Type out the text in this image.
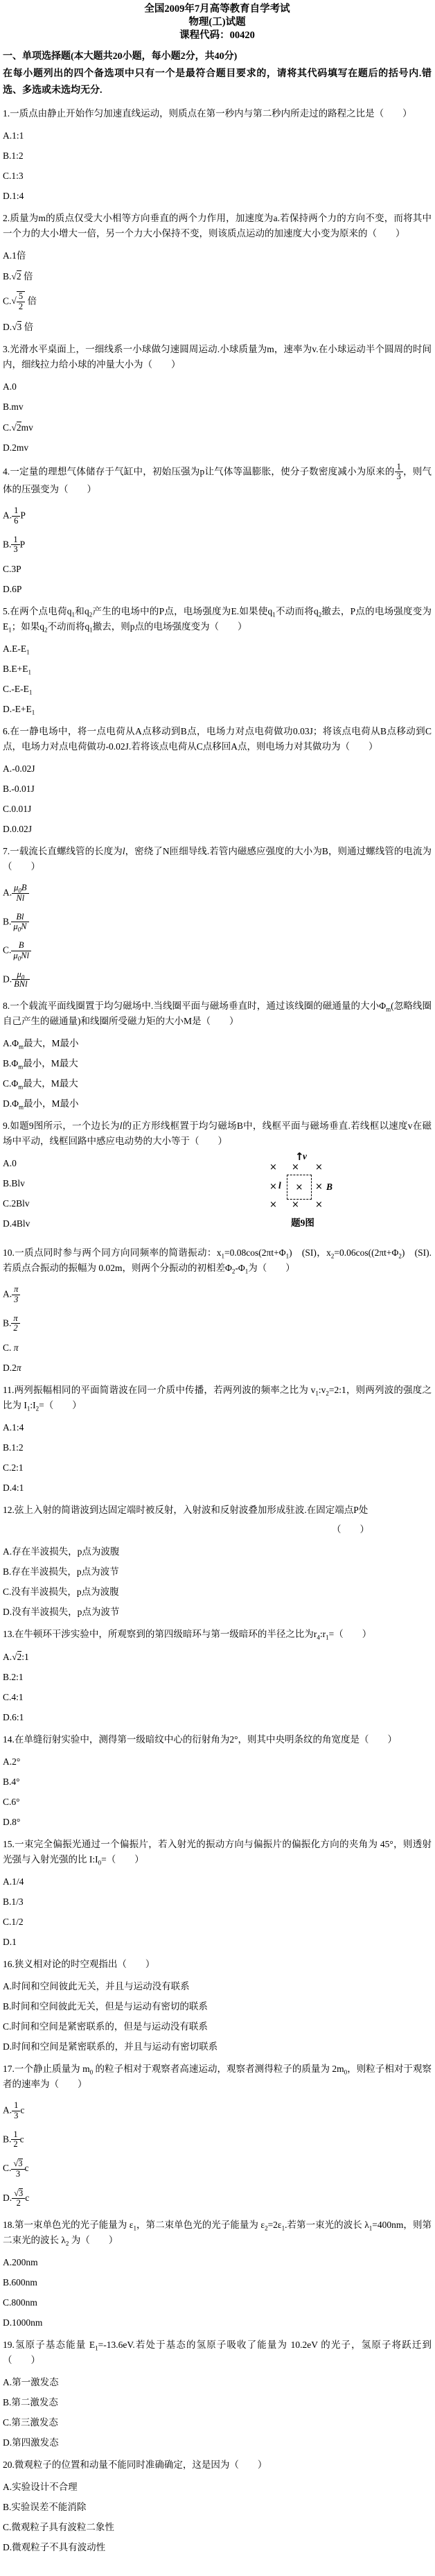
全国2009年7月高等教育自学考试
物理(工)试题
课程代码：00420
一、单项选择题(本大题共20小题，每小题2分，共40分)
在每小题列出的四个备选项中只有一个是最符合题目要求的，请将其代码填写在题后的括号内.错选、多选或未选均无分.
1.一质点由静止开始作匀加速直线运动，则质点在第一秒内与第二秒内所走过的路程之比是（　　）
A.1:1
B.1:2
C.1:3
D.1:4
2.质量为m的质点仅受大小相等方向垂直的两个力作用，加速度为a.若保持两个力的方向不变，而将其中一个力的大小增大一倍，另一个力大小保持不变，则该质点运动的加速度大小变为原来的（　　）
A.1倍
B.√2 倍
$C.√ \frac{5}{2}$ 倍
D.√3 倍
3.光滑水平桌面上，一细线系一小球做匀速圆周运动.小球质量为m，速率为v.在小球运动半个圆周的时间内，细线拉力给小球的冲量大小为（　　）
A.0
B.mv
C.√2mv
D.2mv
4.一定量的理想气体储存于气缸中，初始压强为p让气体等温膨胀，使分子数密度减小为原来的 $\frac{1}{3}$ ，则气体的压强变为（　　）
A. $\frac{1}{6}$ P
B. $\frac{1}{3}$ P
C.3P
D.6P
5.在两个点电荷$q_1$和$q_2$产生的电场中的P点，电场强度为E.如果使$q_1$不动而将$q_2$撤去，P点的电场强度变为$E_1$；如果$q_2$不动而将$q_1$撤去，则p点的电场强度变为（　　）
$A.E-E_1$
$B.E+E_1$
$C.-E-E_1$
$D.-E+E_1$
6.在一静电场中，将一点电荷从A点移动到B点，电场力对点电荷做功0.03J；将该点电荷从B点移动到C点，电场力对点电荷做功-0.02J.若将该点电荷从C点移回A点，则电场力对其做功为（　　）
A.-0.02J
B.-0.01J
C.0.01J
D.0.02J
7.一载流长直螺线管的长度为l，密绕了N匝细导线.若管内磁感应强度的大小为B，则通过螺线管的电流为（　　）
A. $\frac{\mu_0B}{Nl}$
B. $\frac{Bl}{\mu_0N}$
C. $\frac{B}{\mu_0Nl}$
D. $\mu_0$
BNl
8.一个载流平面线圈置于均匀磁场中.当线圈平面与磁场垂直时，通过该线圈的磁通量的大小$\Phi_m$(忽略线圈自己产生的磁通量)和线圈所受磁力矩的大小M是（　　）
$A.\Phi_m$最大，M最小
$B.\Phi_m$最小，M最大
$C.\Phi_m$最大，M最大
$D.\Phi_m$最小，M最小
9.如题9图所示，一个边长为l的正方形线框置于均匀磁场B中，线框平面与磁场垂直.若线框以速度v在磁场中平动，线框回路中感应电动势的大小等于（　　）
× × ×
×	×
× × ×
×
↑
v
l	B
题9图
A.0
B.Blv
C.2Blv
D.4Blv
10.一质点同时参与两个同方向同频率的简谐振动：$x_1=0.08\cos(2\pi t+\Phi_1)$　(SI)，$x_2=0.06\cos((2\pi t+\Phi_2)$　(SI).若质点合振动的振幅为 0.02m，则两个分振动的初相差$\Phi_2-\Phi_1$为（　　）
A. $\frac{\pi}{3}$
B. $\frac{\pi}{2}$
C. π
D.2π
11.两列振幅相同的平面简谐波在同一介质中传播，若两列波的频率之比为 $v_1:v_2=2:1$，则两列波的强度之比为 $I_1:I_2=$（　　）
A.1:4
B.1:2
C.2:1
D.4:1
12.弦上入射的简谐波到达固定端时被反射，入射波和反射波叠加形成驻波.在固定端点P处
（　　）
A.存在半波损失，p点为波腹
B.存在半波损失，p点为波节
C.没有半波损失，p点为波腹
D.没有半波损失，p点为波节
13.在牛顿环干涉实验中，所观察到的第四级暗环与第一级暗环的半径之比为$r_4:r_1=$（　　）
A.√2:1
B.2:1
C.4:1
D.6:1
14.在单缝衍射实验中，测得第一级暗纹中心的衍射角为2°，则其中央明条纹的角宽度是（　　）
A.2°
B.4°
C.6°
D.8°
15.一束完全偏振光通过一个偏振片，若入射光的振动方向与偏振片的偏振化方向的夹角为 45°，则透射光强与入射光强的比 $I:I_0=$（　　）
A.1/4
B.1/3
C.1/2
D.1
16.狭义相对论的时空观指出（　　）
A.时间和空间彼此无关，并且与运动没有联系
B.时间和空间彼此无关，但是与运动有密切的联系
C.时间和空间是紧密联系的，但是与运动没有联系
D.时间和空间是紧密联系的，并且与运动有密切联系
17.一个静止质量为 $m_0$ 的粒子相对于观察者高速运动，观察者测得粒子的质量为 $2m_0$，则粒子相对于观察者的速率为（　　）
A. $\frac{1}{3}$ c
B. $\frac{1}{2}$ c
C. $\frac{√3}{3}$ c
D. $\frac{√3}{2}$ c
18.第一束单色光的光子能量为 $\varepsilon_1$，第二束单色光的光子能量为 $\varepsilon_2=2\varepsilon_1$.若第一束光的波长 $\lambda_1=400nm$，则第二束光的波长 $\lambda_2$ 为（　　）
A.200nm
B.600nm
C.800nm
D.1000nm
19.氢原子基态能量 $E_1=-13.6eV$.若处于基态的氢原子吸收了能量为 10.2eV 的光子，氢原子将跃迁到（　　）
A.第一激发态
B.第二激发态
C.第三激发态
D.第四激发态
20.微观粒子的位置和动量不能同时准确确定，这是因为（　　）
A.实验设计不合理
B.实验误差不能消除
C.微观粒子具有波粒二象性
D.微观粒子不具有波动性
